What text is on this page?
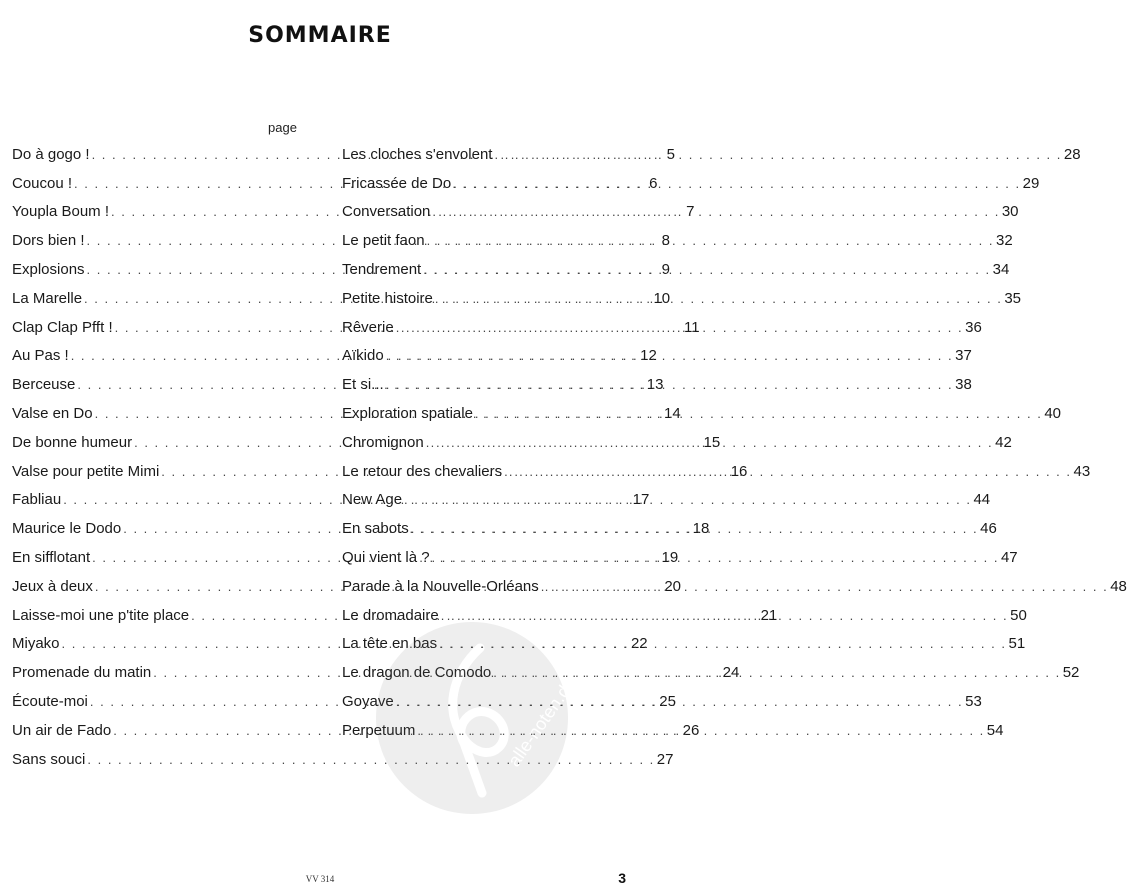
SOMMAIRE
page
Do à gogo ! . . .	5
Coucou ! . . .	6
Youpla Boum ! . . .	7
Dors bien ! . . .	8
Explosions . . .	9
La Marelle . . .	10
Clap Clap Pfft ! . . .	11
Au Pas ! . . .	12
Berceuse . . .	13
Valse en Do . . .	14
De bonne humeur . . .	15
Valse pour petite Mimi . . .	16
Fabliau . . .	17
Maurice le Dodo . . .	18
En sifflotant . . .	19
Jeux à deux . . .	20
Laisse-moi une p'tite place . . .	21
Miyako . . .	22
Promenade du matin . . .	24
Écoute-moi . . .	25
Un air de Fado . . .	26
Sans souci . . .	27
Les cloches s'envolent . . .	28
Fricassée de Do . . .	29
Conversation . . .	30
Le petit faon . . .	32
Tendrement . . .	34
Petite histoire . . .	35
Rêverie . . .	36
Aïkido . . .	37
Et si... . . .	38
Exploration spatiale . . .	40
Chromignon . . .	42
Le retour des chevaliers . . .	43
New Age . . .	44
En sabots . . .	46
Qui vient là ? . . .	47
Parade à la Nouvelle-Orléans . . .	48
Le dromadaire . . .	50
La tête en bas . . .	51
Le dragon de Comodo . . .	52
Goyave . . .	53
Perpetuum . . .	54
alle-noten.de
VV 314	3
